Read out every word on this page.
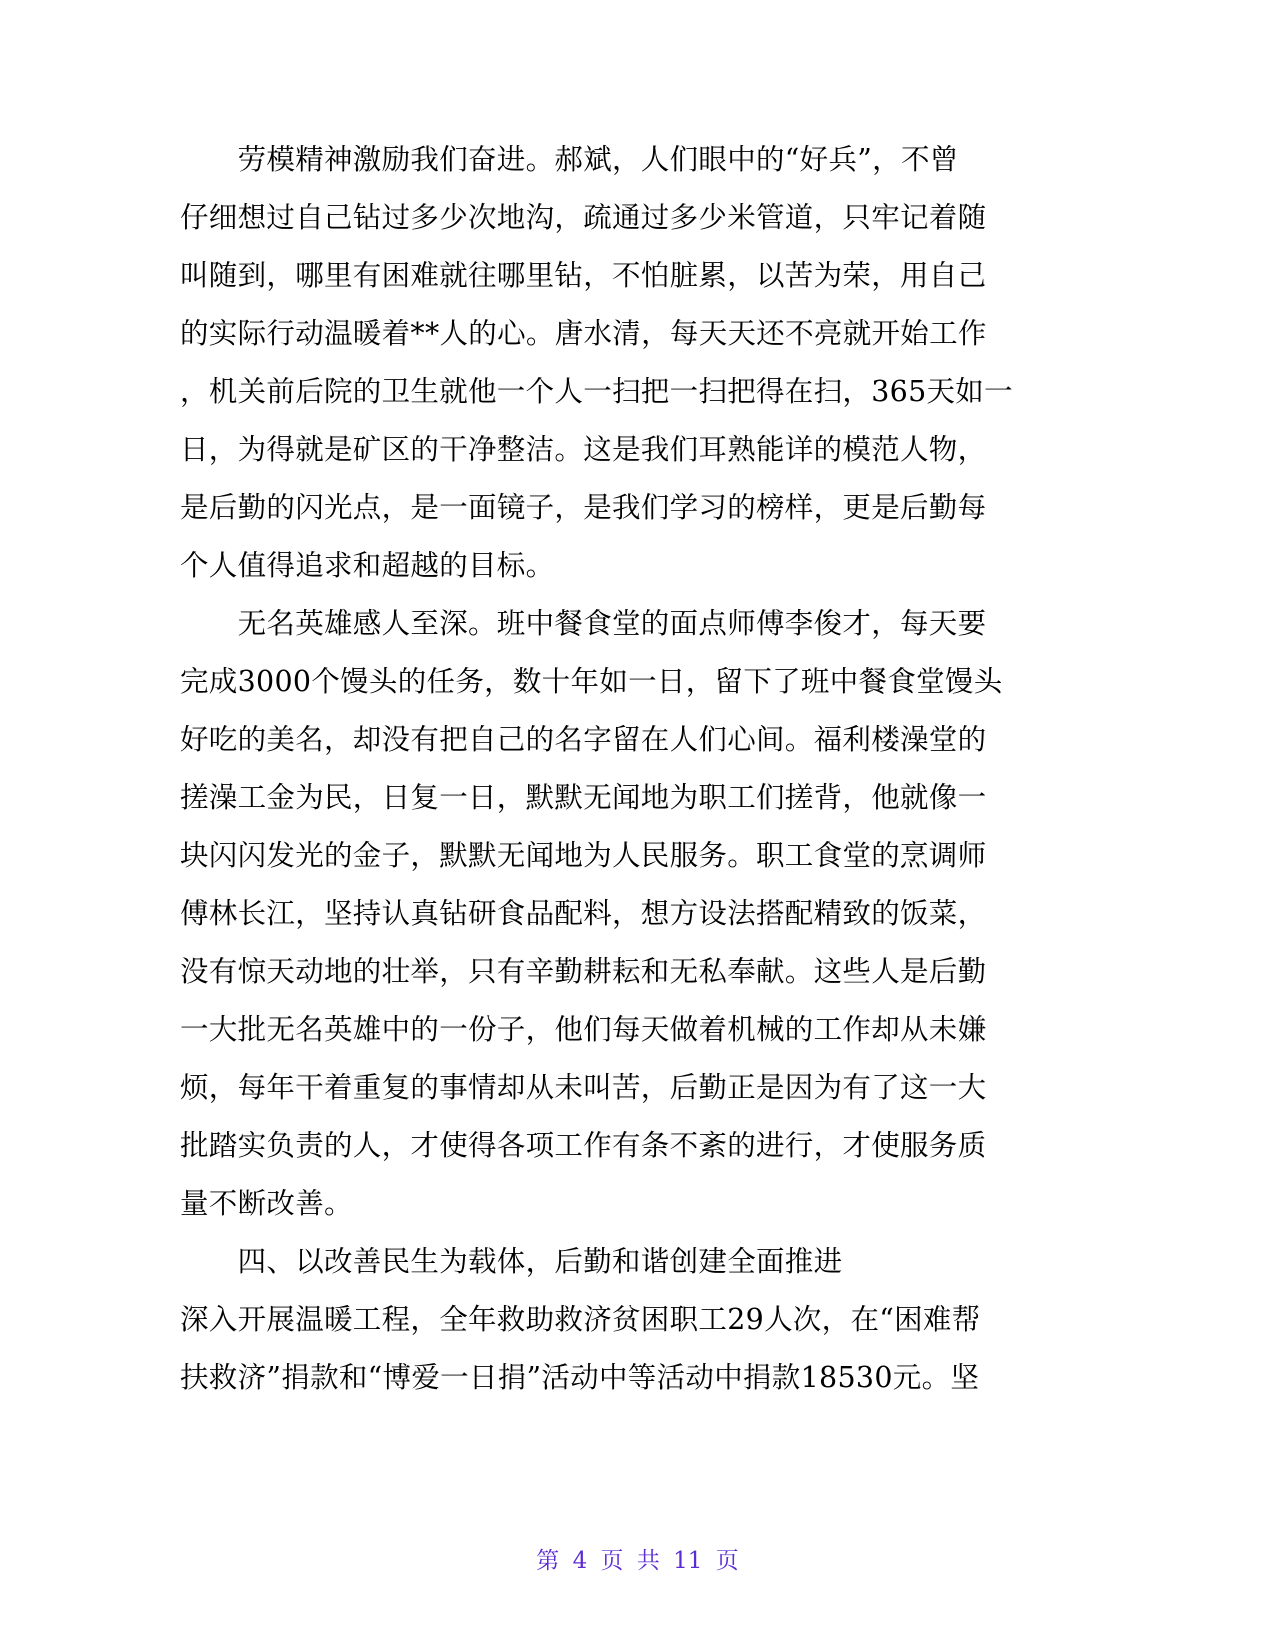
　　劳模精神激励我们奋进。郝斌，人们眼中的“好兵”，不曾
仔细想过自己钻过多少次地沟，疏通过多少米管道，只牢记着随
叫随到，哪里有困难就往哪里钻，不怕脏累，以苦为荣，用自己
的实际行动温暖着**人的心。唐水清，每天天还不亮就开始工作
，机关前后院的卫生就他一个人一扫把一扫把得在扫，365天如一
日，为得就是矿区的干净整洁。这是我们耳熟能详的模范人物，
是后勤的闪光点，是一面镜子，是我们学习的榜样，更是后勤每
个人值得追求和超越的目标。
　　无名英雄感人至深。班中餐食堂的面点师傅李俊才，每天要
完成3000个馒头的任务，数十年如一日，留下了班中餐食堂馒头
好吃的美名，却没有把自己的名字留在人们心间。福利楼澡堂的
搓澡工金为民，日复一日，默默无闻地为职工们搓背，他就像一
块闪闪发光的金子，默默无闻地为人民服务。职工食堂的烹调师
傅林长江，坚持认真钻研食品配料，想方设法搭配精致的饭菜，
没有惊天动地的壮举，只有辛勤耕耘和无私奉献。这些人是后勤
一大批无名英雄中的一份子，他们每天做着机械的工作却从未嫌
烦，每年干着重复的事情却从未叫苦，后勤正是因为有了这一大
批踏实负责的人，才使得各项工作有条不紊的进行，才使服务质
量不断改善。
　　四、以改善民生为载体，后勤和谐创建全面推进
深入开展温暖工程，全年救助救济贫困职工29人次，在“困难帮
扶救济”捐款和“博爱一日捐”活动中等活动中捐款18530元。坚
第 4 页 共 11 页
